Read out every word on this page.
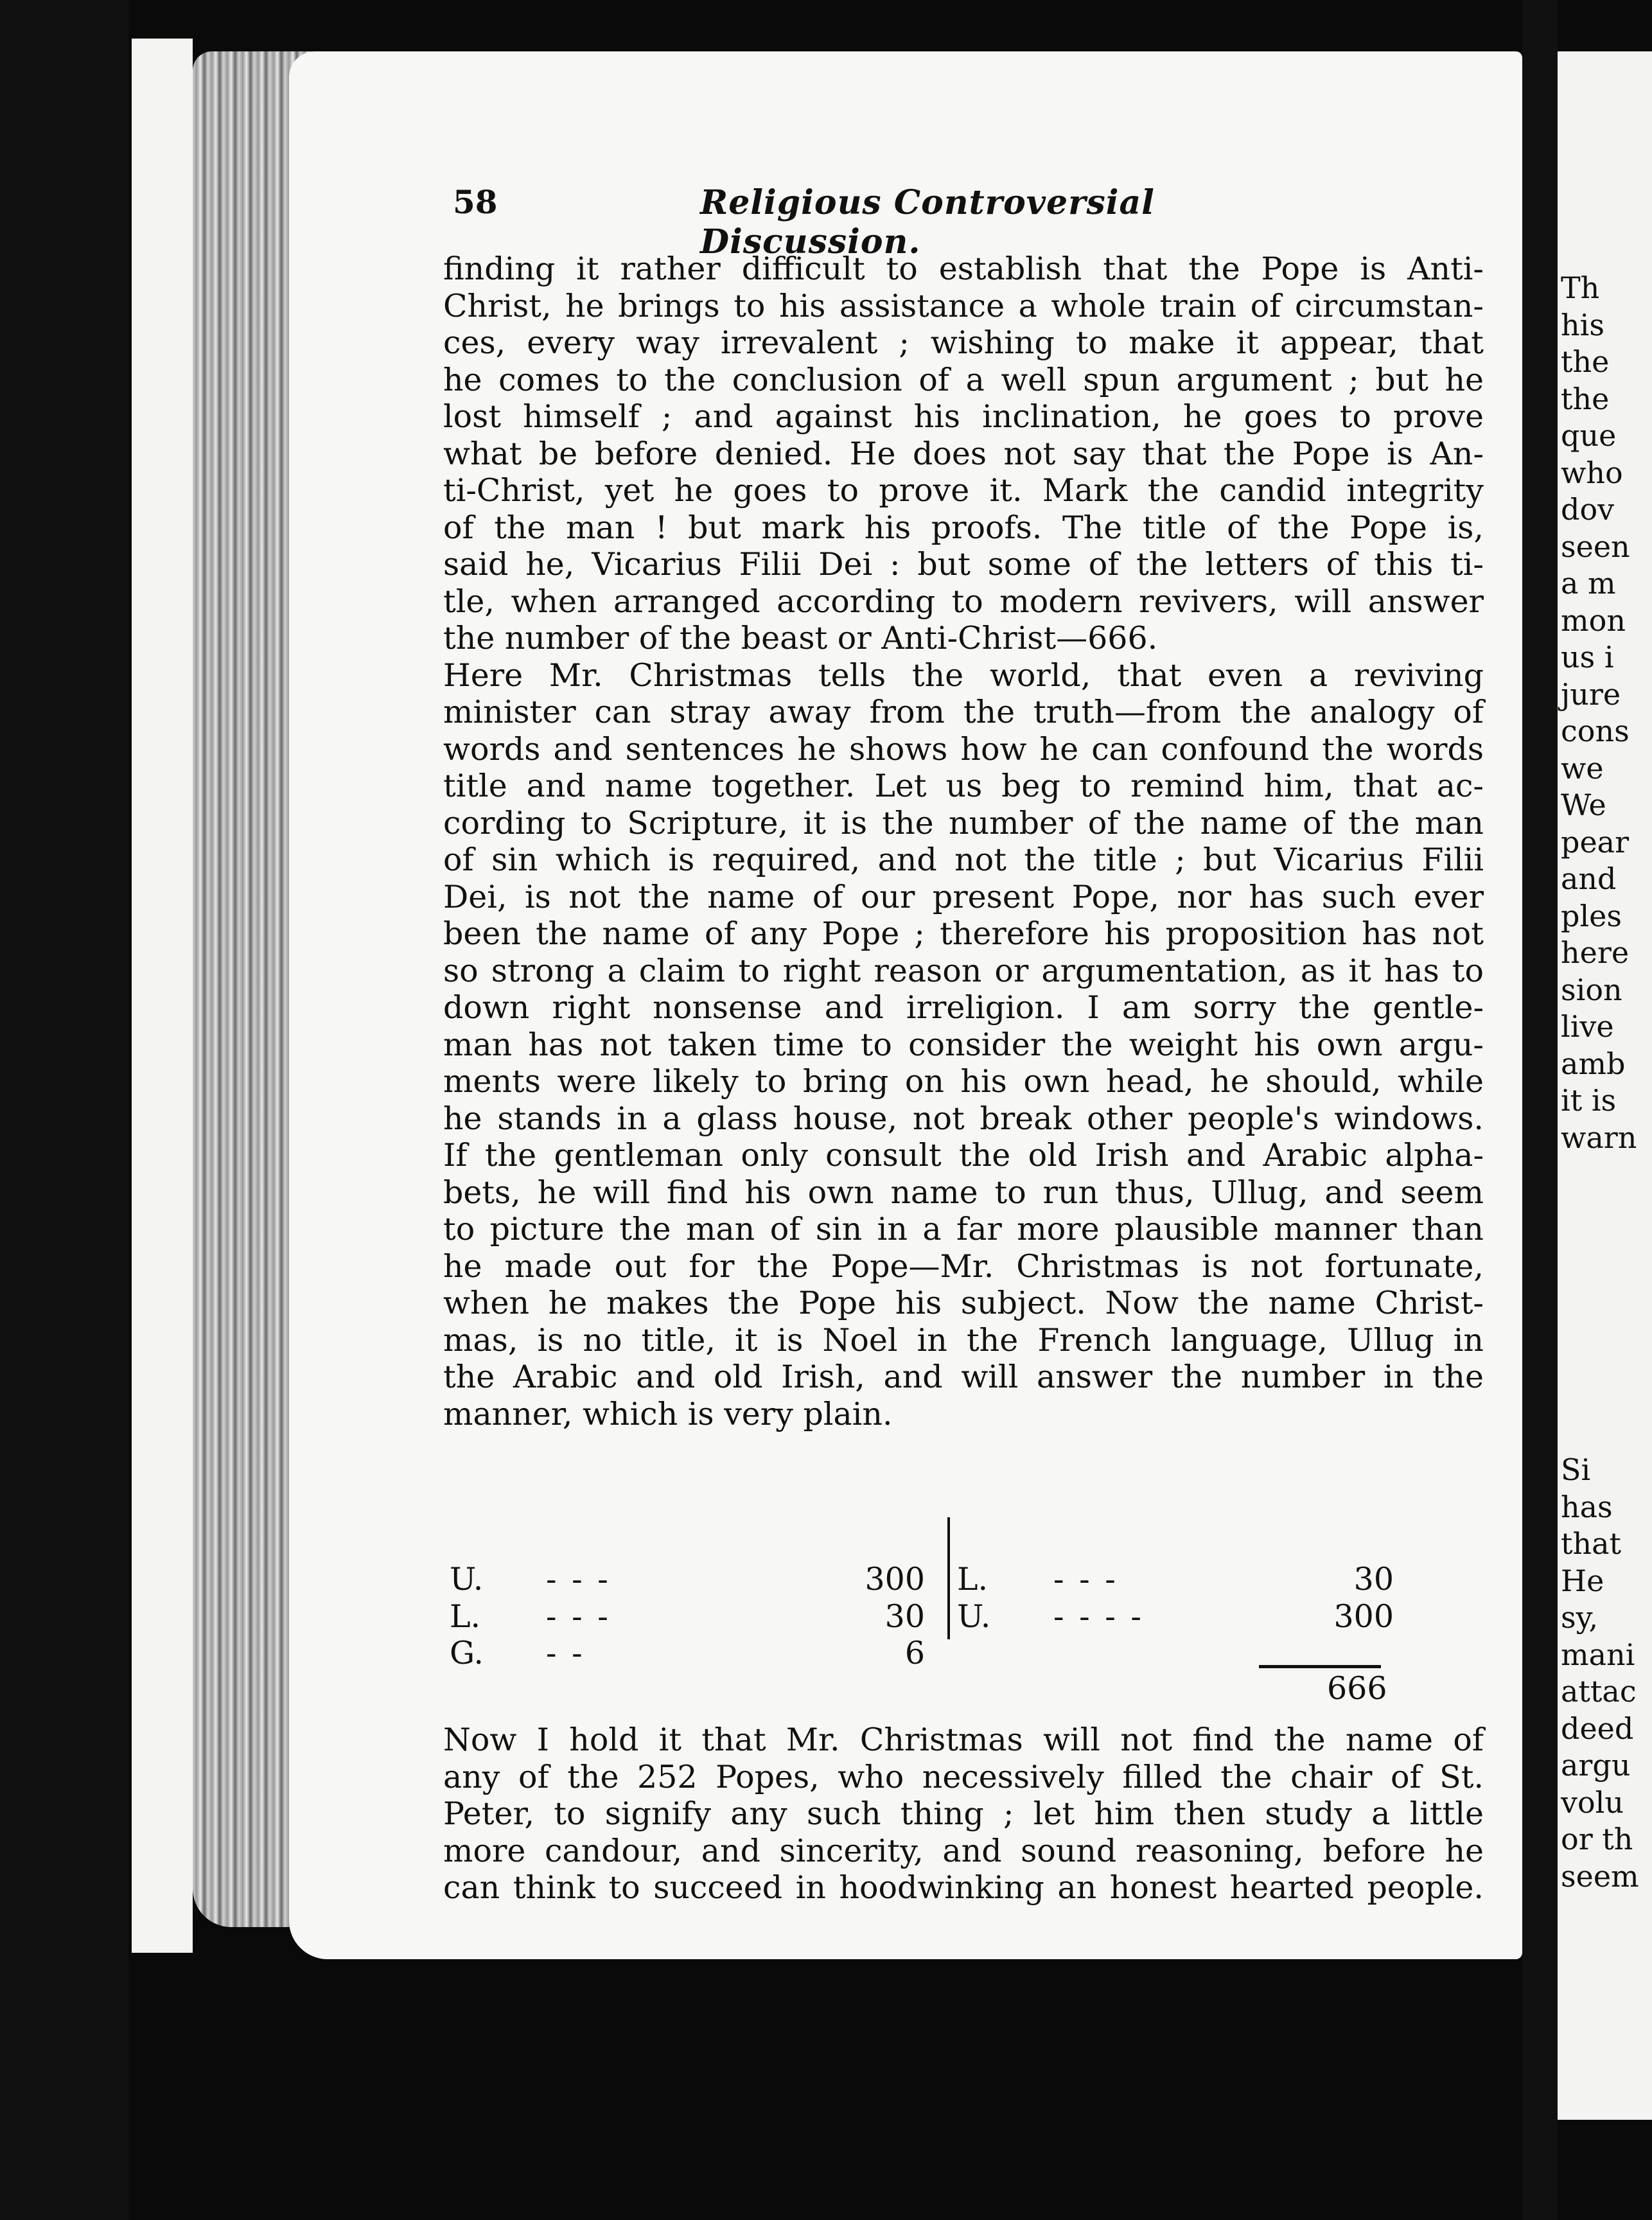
Th
his
the
the
que
who
dov
seen
a m
mon
us i
jure
cons
we
We
pear
and
ples
here
sion
live
amb
it is
warn
Si
has
that
He
sy,
mani
attac
deed
argu
volu
or th
seem
58	Religious Controversial Discussion.
finding it rather difficult to establish that the Pope is Anti-
Christ, he brings to his assistance a whole train of circumstan-
ces, every way irrevalent ; wishing to make it appear, that
he comes to the conclusion of a well spun argument ; but he
lost himself ; and against his inclination, he goes to prove
what be before denied. He does not say that the Pope is An-
ti-Christ, yet he goes to prove it. Mark the candid integrity
of the man ! but mark his proofs. The title of the Pope is,
said he, Vicarius Filii Dei : but some of the letters of this ti-
tle, when arranged according to modern revivers, will answer
the number of the beast or Anti-Christ—666.
Here Mr. Christmas tells the world, that even a reviving
minister can stray away from the truth—from the analogy of
words and sentences he shows how he can confound the words
title and name together. Let us beg to remind him, that ac-
cording to Scripture, it is the number of the name of the man
of sin which is required, and not the title ; but Vicarius Filii
Dei, is not the name of our present Pope, nor has such ever
been the name of any Pope ; therefore his proposition has not
so strong a claim to right reason or argumentation, as it has to
down right nonsense and irreligion. I am sorry the gentle-
man has not taken time to consider the weight his own argu-
ments were likely to bring on his own head, he should, while
he stands in a glass house, not break other people's windows.
If the gentleman only consult the old Irish and Arabic alpha-
bets, he will find his own name to run thus, Ullug, and seem
to picture the man of sin in a far more plausible manner than
he made out for the Pope—Mr. Christmas is not fortunate,
when he makes the Pope his subject. Now the name Christ-
mas, is no title, it is Noel in the French language, Ullug in
the Arabic and old Irish, and will answer the number in the
manner, which is very plain.
U. - - -	300
L. - - -	30
G. - -	6
L. - - -	30
U. - - - -	300
666
Now I hold it that Mr. Christmas will not find the name of
any of the 252 Popes, who necessively filled the chair of St.
Peter, to signify any such thing ; let him then study a little
more candour, and sincerity, and sound reasoning, before he
can think to succeed in hoodwinking an honest hearted people.
